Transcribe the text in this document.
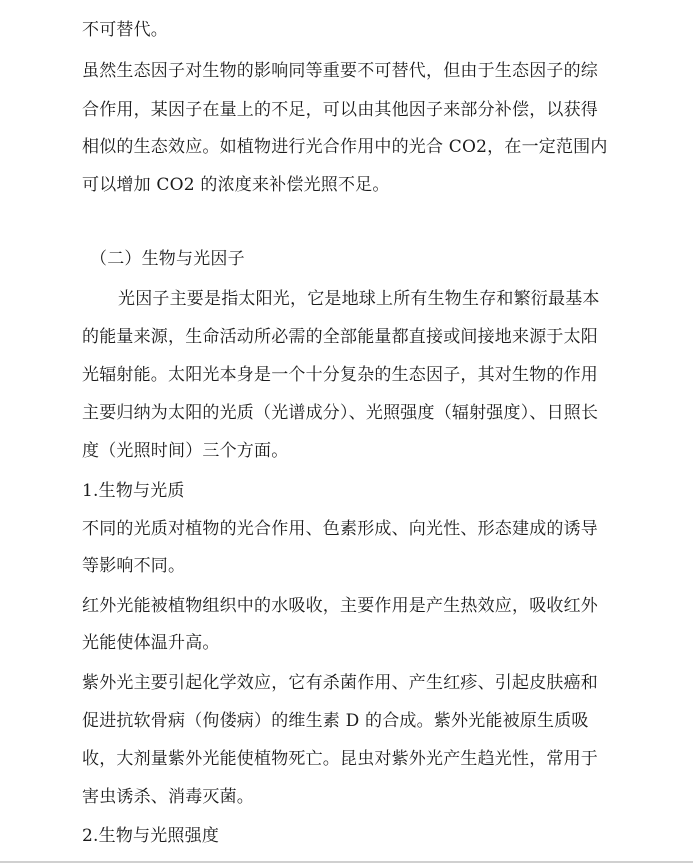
不可替代。
虽然生态因子对生物的影响同等重要不可替代，但由于生态因子的综
合作用，某因子在量上的不足，可以由其他因子来部分补偿，以获得
相似的生态效应。如植物进行光合作用中的光合 CO2，在一定范围内
可以增加 CO2 的浓度来补偿光照不足。
（二）生物与光因子
光因子主要是指太阳光，它是地球上所有生物生存和繁衍最基本
的能量来源，生命活动所必需的全部能量都直接或间接地来源于太阳
光辐射能。太阳光本身是一个十分复杂的生态因子，其对生物的作用
主要归纳为太阳的光质（光谱成分）、光照强度（辐射强度）、日照长
度（光照时间）三个方面。
1.生物与光质
不同的光质对植物的光合作用、色素形成、向光性、形态建成的诱导
等影响不同。
红外光能被植物组织中的水吸收，主要作用是产生热效应，吸收红外
光能使体温升高。
紫外光主要引起化学效应，它有杀菌作用、产生红疹、引起皮肤癌和
促进抗软骨病（佝偻病）的维生素 D 的合成。紫外光能被原生质吸
收，大剂量紫外光能使植物死亡。昆虫对紫外光产生趋光性，常用于
害虫诱杀、消毒灭菌。
2.生物与光照强度
